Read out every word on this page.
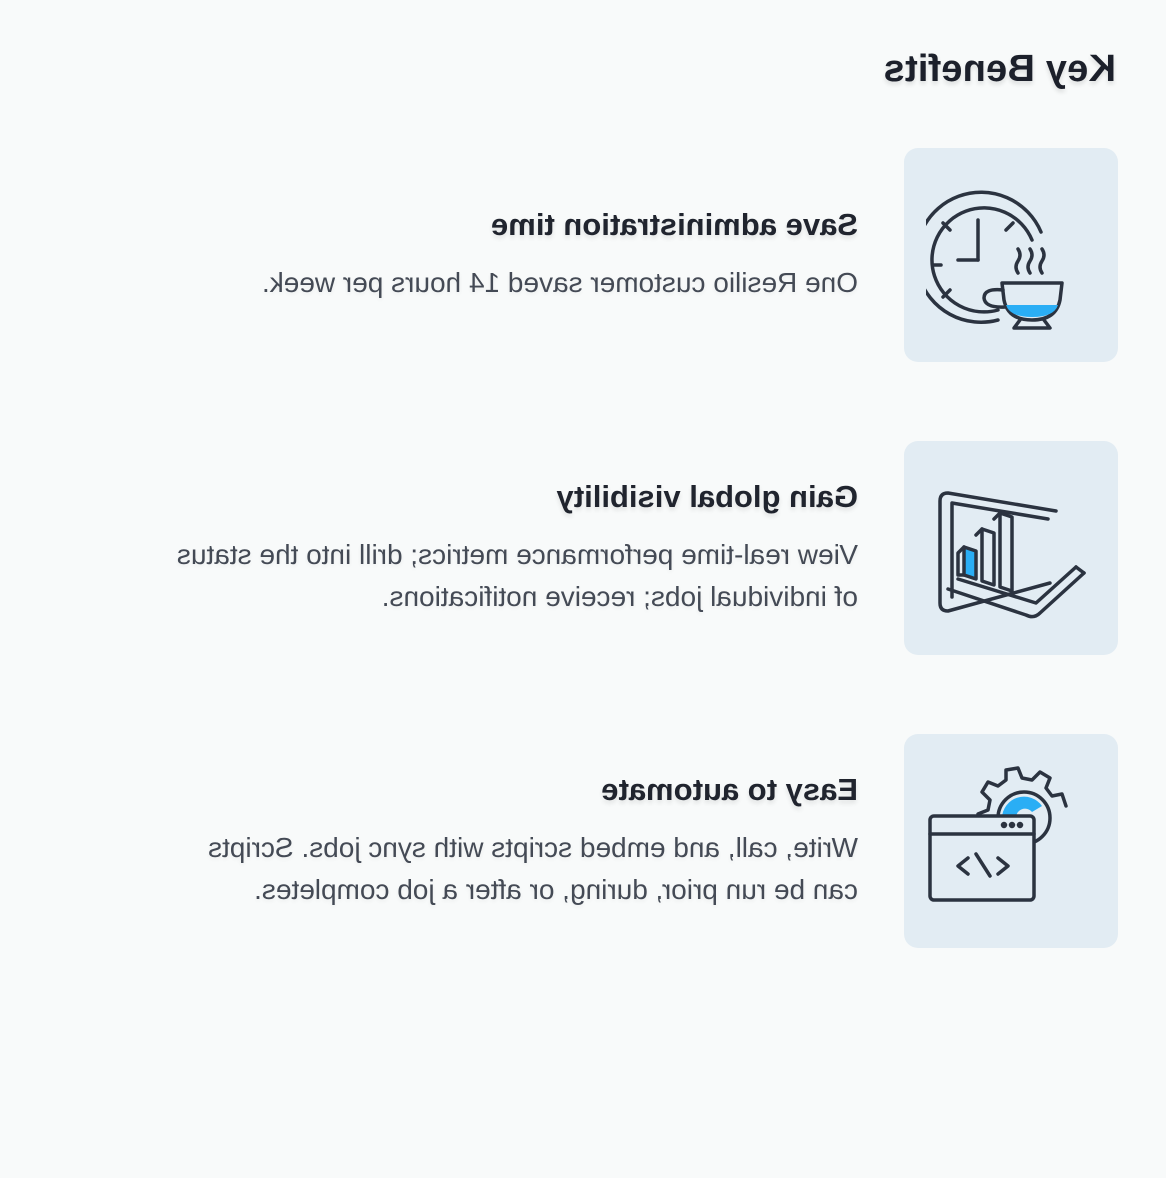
Key Benefits
Save administration time

One Resilio customer saved 14 hours per week.

Gain global visibility

View real-time performance metrics; drill into the status of individual jobs; receive notifications.

Easy to automate

Write, call, and embed scripts with sync jobs. Scripts can be run prior, during, or after a job completes.
